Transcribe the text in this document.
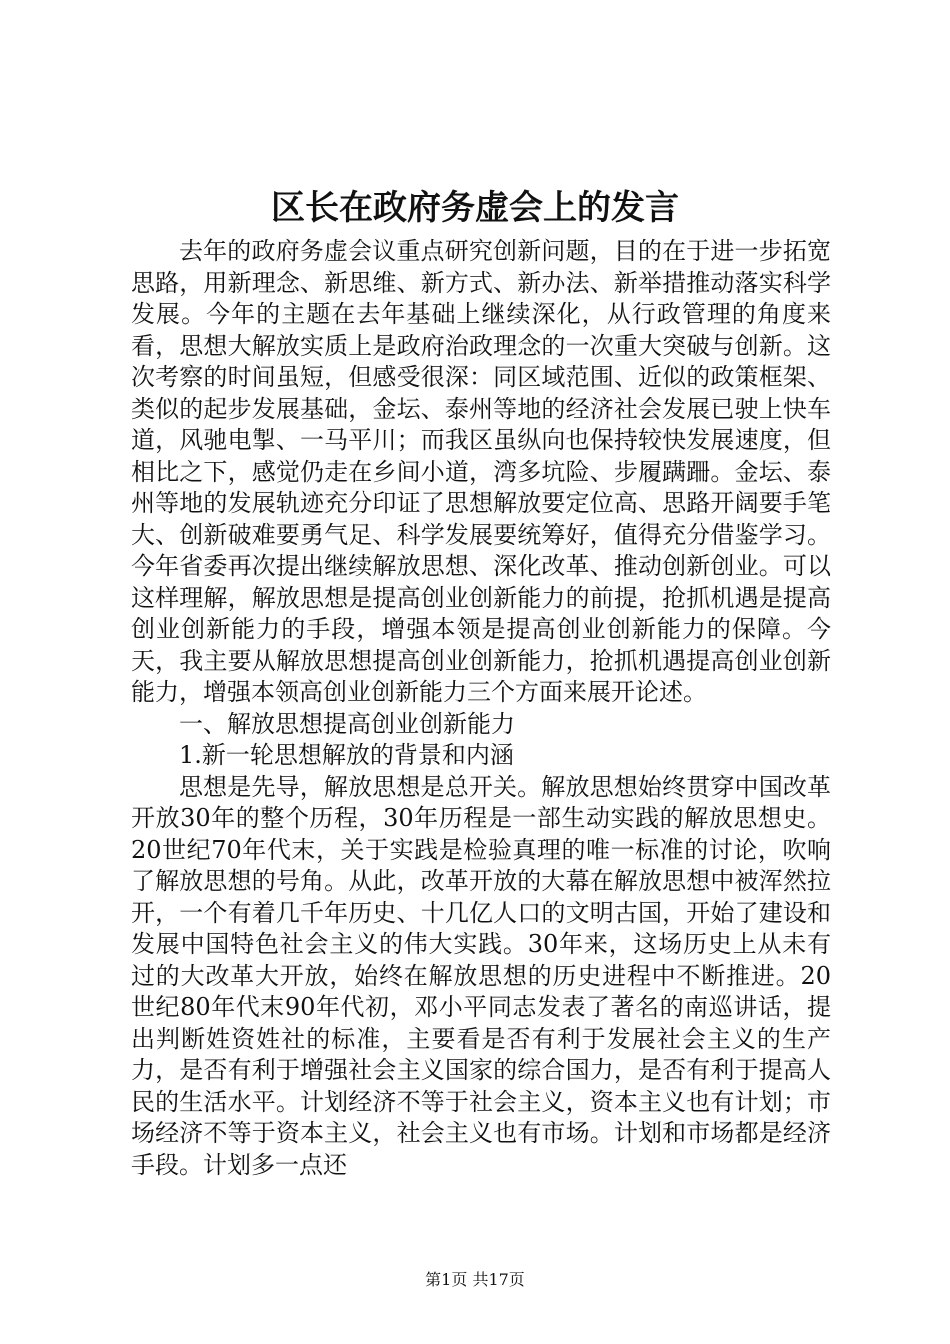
区长在政府务虚会上的发言

去年的政府务虚会议重点研究创新问题，目的在于进一步拓宽思路，用新理念、新思维、新方式、新办法、新举措推动落实科学发展。今年的主题在去年基础上继续深化，从行政管理的角度来看，思想大解放实质上是政府治政理念的一次重大突破与创新。这次考察的时间虽短，但感受很深：同区域范围、近似的政策框架、类似的起步发展基础，金坛、泰州等地的经济社会发展已驶上快车道，风驰电掣、一马平川；而我区虽纵向也保持较快发展速度，但相比之下，感觉仍走在乡间小道，湾多坑险、步履蹒跚。金坛、泰州等地的发展轨迹充分印证了思想解放要定位高、思路开阔要手笔大、创新破难要勇气足、科学发展要统筹好，值得充分借鉴学习。今年省委再次提出继续解放思想、深化改革、推动创新创业。可以这样理解，解放思想是提高创业创新能力的前提，抢抓机遇是提高创业创新能力的手段，增强本领是提高创业创新能力的保障。今天，我主要从解放思想提高创业创新能力，抢抓机遇提高创业创新能力，增强本领高创业创新能力三个方面来展开论述。

一、解放思想提高创业创新能力

1.新一轮思想解放的背景和内涵

思想是先导，解放思想是总开关。解放思想始终贯穿中国改革开放30年的整个历程，30年历程是一部生动实践的解放思想史。20世纪70年代末，关于实践是检验真理的唯一标准的讨论，吹响了解放思想的号角。从此，改革开放的大幕在解放思想中被浑然拉开，一个有着几千年历史、十几亿人口的文明古国，开始了建设和发展中国特色社会主义的伟大实践。30年来，这场历史上从未有过的大改革大开放，始终在解放思想的历史进程中不断推进。20世纪80年代末90年代初，邓小平同志发表了著名的南巡讲话，提出判断姓资姓社的标准，主要看是否有利于发展社会主义的生产力，是否有利于增强社会主义国家的综合国力，是否有利于提高人民的生活水平。计划经济不等于社会主义，资本主义也有计划；市场经济不等于资本主义，社会主义也有市场。计划和市场都是经济手段。计划多一点还

第1页 共17页
